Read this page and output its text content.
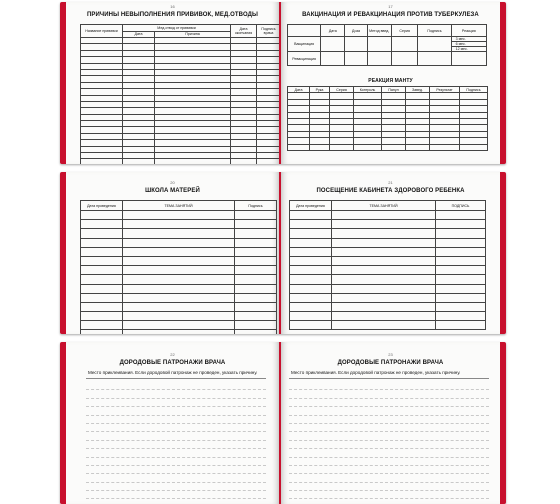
16
ПРИЧИНЫ НЕВЫПОЛНЕНИЯ ПРИВИВОК, МЕД.ОТВОДЫ
Название прививки	Мед.отвод от прививки		Дата окончания	Подпись врача
	Дата	Причина		

17
ВАКЦИНАЦИЯ И РЕВАКЦИНАЦИЯ ПРОТИВ ТУБЕРКУЛЕЗА
	Дата	Доза	Метод введ.	Серия	Подпись	Реакция
Вакцинация						3 мес.
6 мес.
12 мес.

Ревакцинация						
РЕАКЦИЯ МАНТУ
Дата	Рука	Серия	Контроль	Папул	Завед.	Результат	Подпись

20
ШКОЛА МАТЕРЕЙ
Дата проведения	ТЕМА ЗАНЯТИЙ	Подпись

21
ПОСЕЩЕНИЕ КАБИНЕТА ЗДОРОВОГО РЕБЕНКА
Дата проведения	ТЕМА ЗАНЯТИЙ	ПОДПИСЬ

22
ДОРОДОВЫЕ ПАТРОНАЖИ ВРАЧА
Место приклеивания. Если дородовой патронаж не проведен, указать причину.
23
ДОРОДОВЫЕ ПАТРОНАЖИ ВРАЧА
Место приклеивания. Если дородовой патронаж не проведен, указать причину.
